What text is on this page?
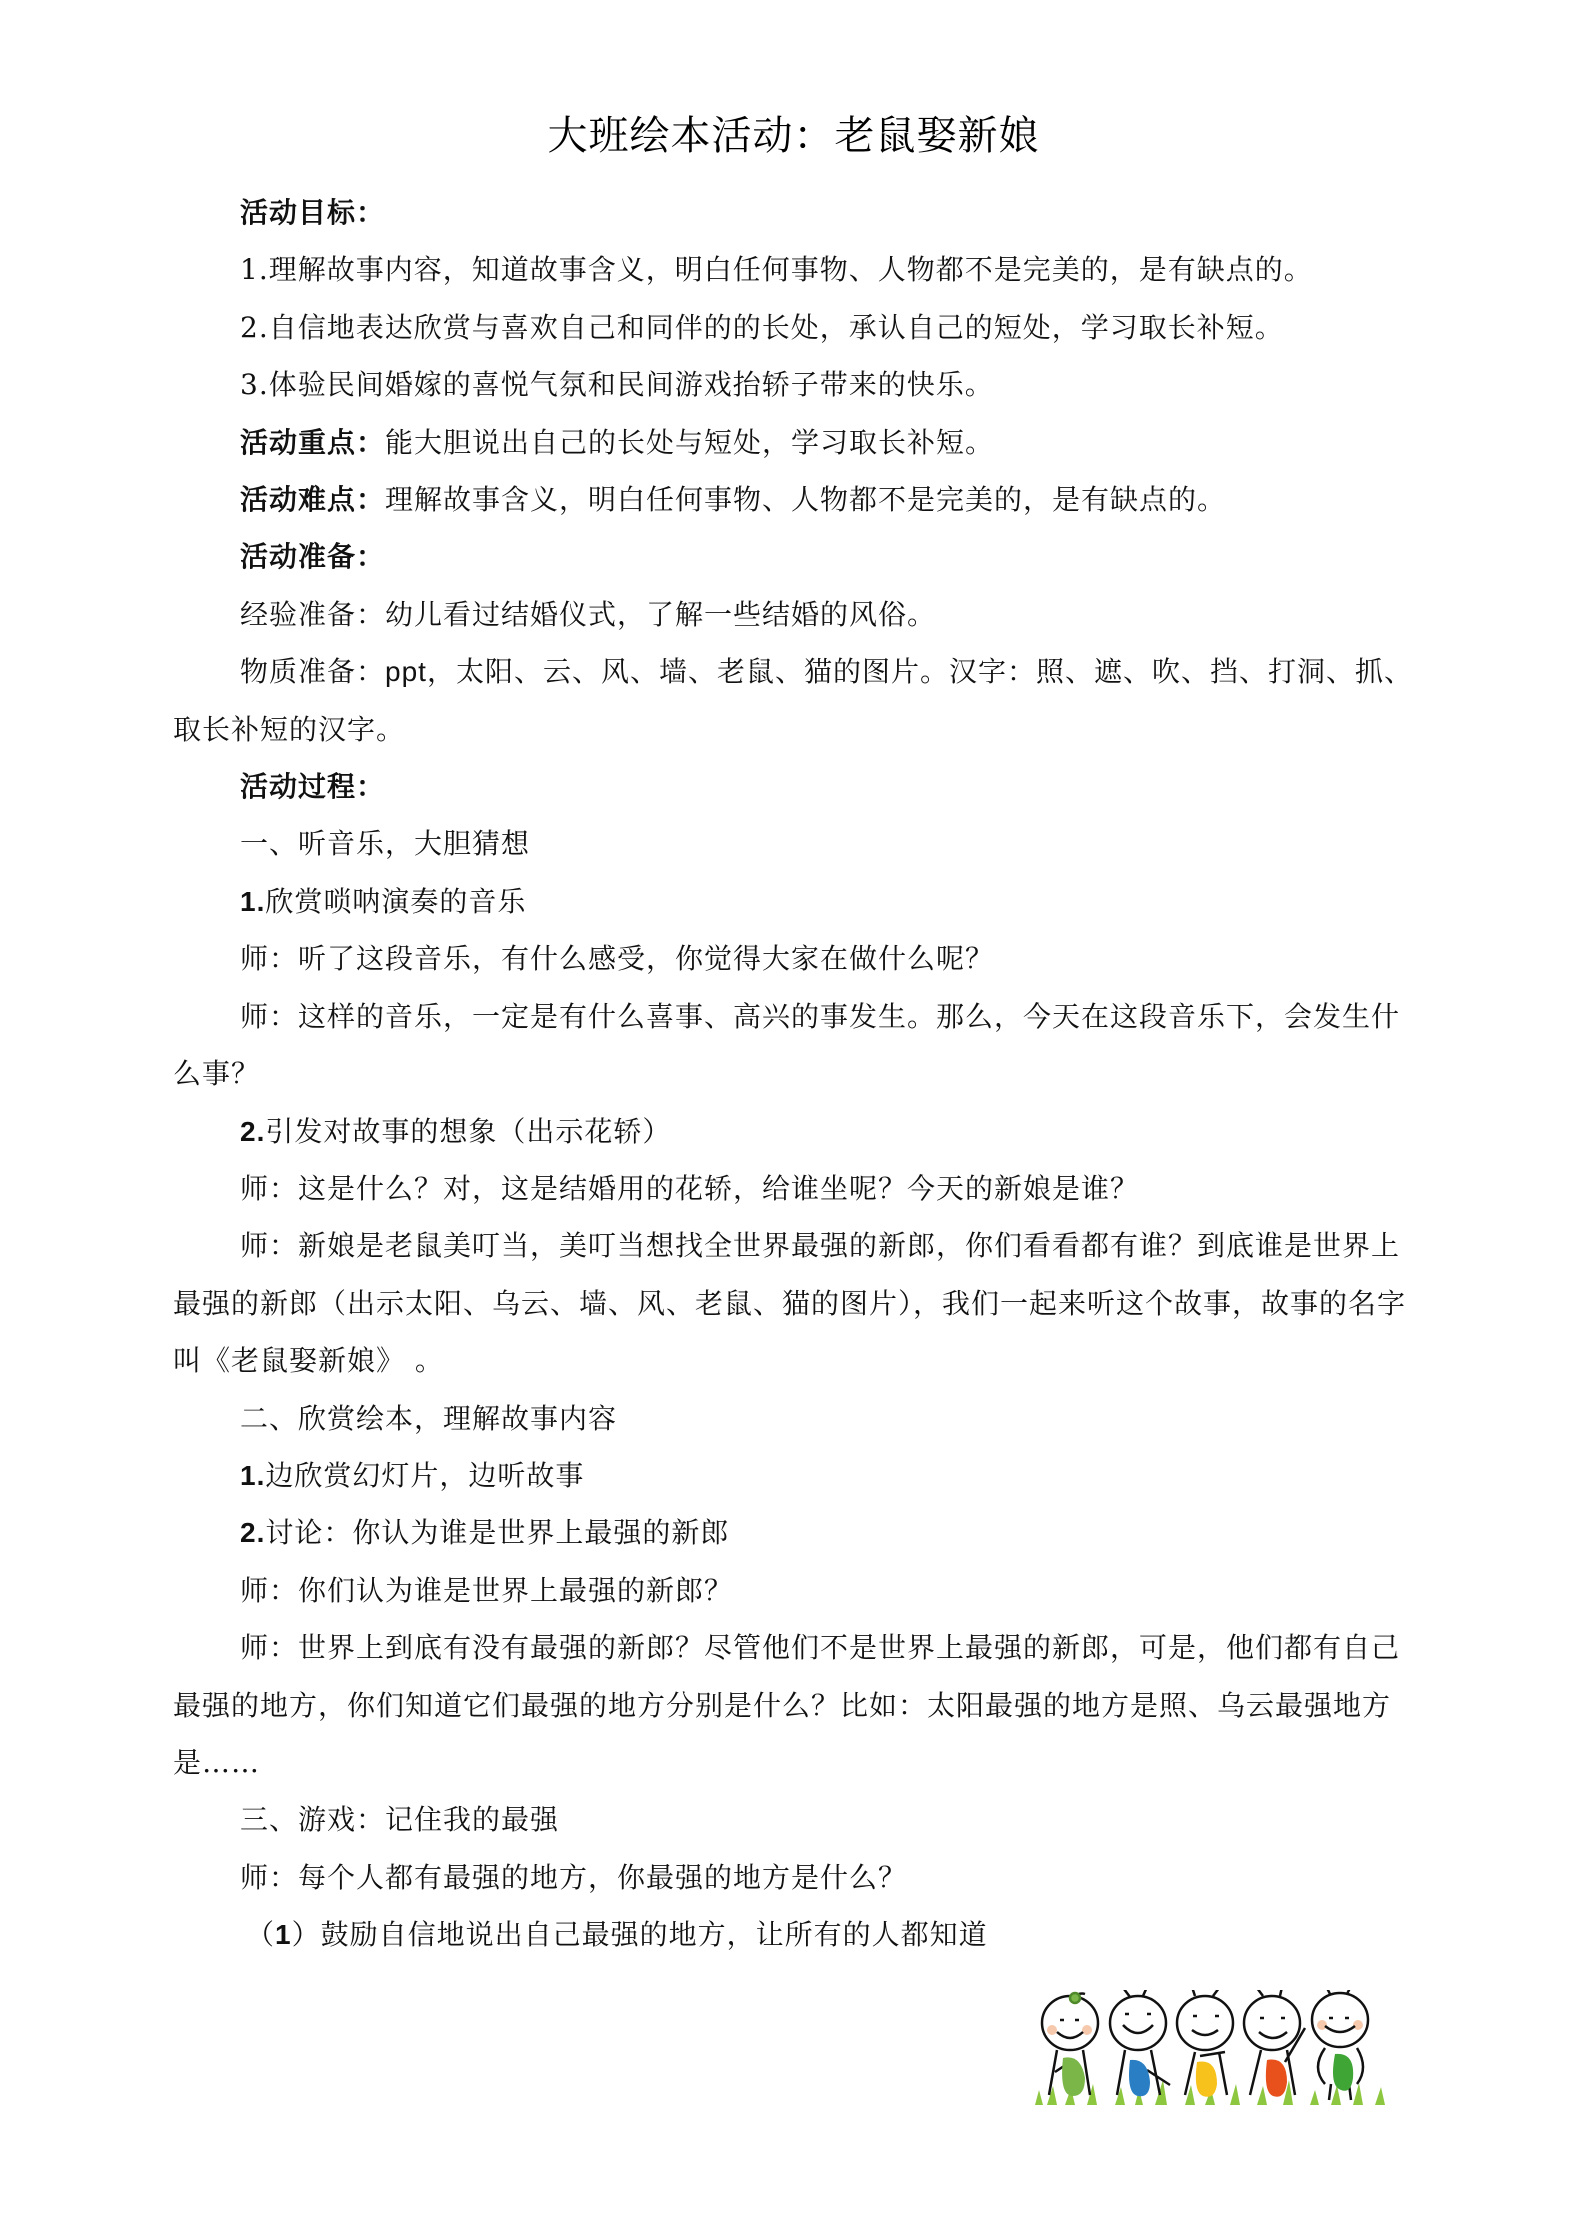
大班绘本活动：老鼠娶新娘

活动目标：

1.理解故事内容，知道故事含义，明白任何事物、人物都不是完美的，是有缺点的。

2.自信地表达欣赏与喜欢自己和同伴的的长处，承认自己的短处，学习取长补短。

3.体验民间婚嫁的喜悦气氛和民间游戏抬轿子带来的快乐。

活动重点：能大胆说出自己的长处与短处，学习取长补短。

活动难点：理解故事含义，明白任何事物、人物都不是完美的，是有缺点的。

活动准备：

经验准备：幼儿看过结婚仪式，了解一些结婚的风俗。

物质准备：ppt，太阳、云、风、墙、老鼠、猫的图片。汉字：照、遮、吹、挡、打洞、抓、取长补短的汉字。

活动过程：

一、听音乐，大胆猜想

1.欣赏唢呐演奏的音乐

师：听了这段音乐，有什么感受，你觉得大家在做什么呢？

师：这样的音乐，一定是有什么喜事、高兴的事发生。那么，今天在这段音乐下，会发生什么事？

2.引发对故事的想象（出示花轿）

师：这是什么？对，这是结婚用的花轿，给谁坐呢？今天的新娘是谁？

师：新娘是老鼠美叮当，美叮当想找全世界最强的新郎，你们看看都有谁？到底谁是世界上最强的新郎（出示太阳、乌云、墙、风、老鼠、猫的图片），我们一起来听这个故事，故事的名字叫《老鼠娶新娘》 。

二、欣赏绘本，理解故事内容

1.边欣赏幻灯片，边听故事

2.讨论：你认为谁是世界上最强的新郎

师：你们认为谁是世界上最强的新郎？

师：世界上到底有没有最强的新郎？尽管他们不是世界上最强的新郎，可是，他们都有自己最强的地方，你们知道它们最强的地方分别是什么？比如：太阳最强的地方是照、乌云最强地方是……

三、游戏：记住我的最强

师：每个人都有最强的地方，你最强的地方是什么？

（1）鼓励自信地说出自己最强的地方，让所有的人都知道
